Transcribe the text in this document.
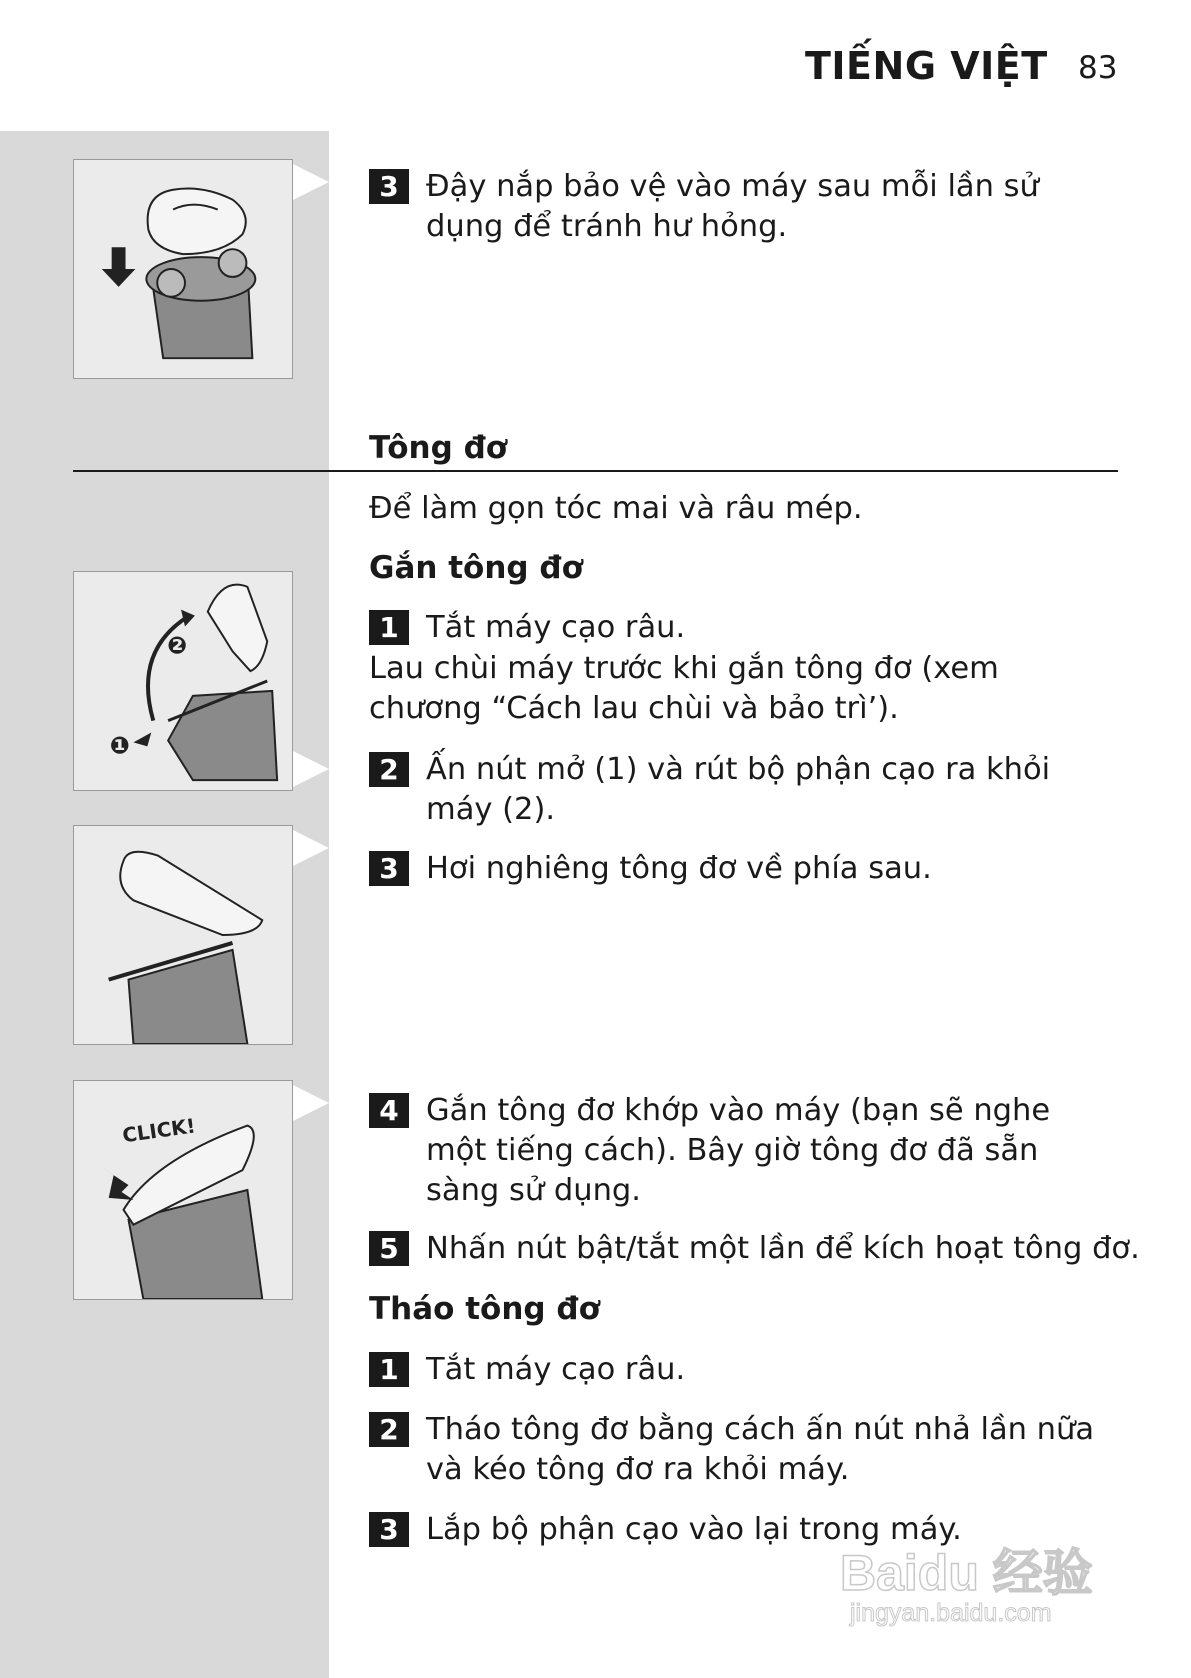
TIẾNG VIỆT 83
❶
❷
CLICK!
3 Đậy nắp bảo vệ vào máy sau mỗi lần sử dụng để tránh hư hỏng.
Tông đơ
Để làm gọn tóc mai và râu mép.
Gắn tông đơ
1 Tắt máy cạo râu.
Lau chùi máy trước khi gắn tông đơ (xem chương “Cách lau chùi và bảo trì’).
2 Ấn nút mở (1) và rút bộ phận cạo ra khỏi máy (2).
3 Hơi nghiêng tông đơ về phía sau.
4 Gắn tông đơ khớp vào máy (bạn sẽ nghe một tiếng cách). Bây giờ tông đơ đã sẵn sàng sử dụng.
5 Nhấn nút bật/tắt một lần để kích hoạt tông đơ.
Tháo tông đơ
1 Tắt máy cạo râu.
2 Tháo tông đơ bằng cách ấn nút nhả lần nữa và kéo tông đơ ra khỏi máy.
3 Lắp bộ phận cạo vào lại trong máy.
Baidu 经验
jingyan.baidu.com
